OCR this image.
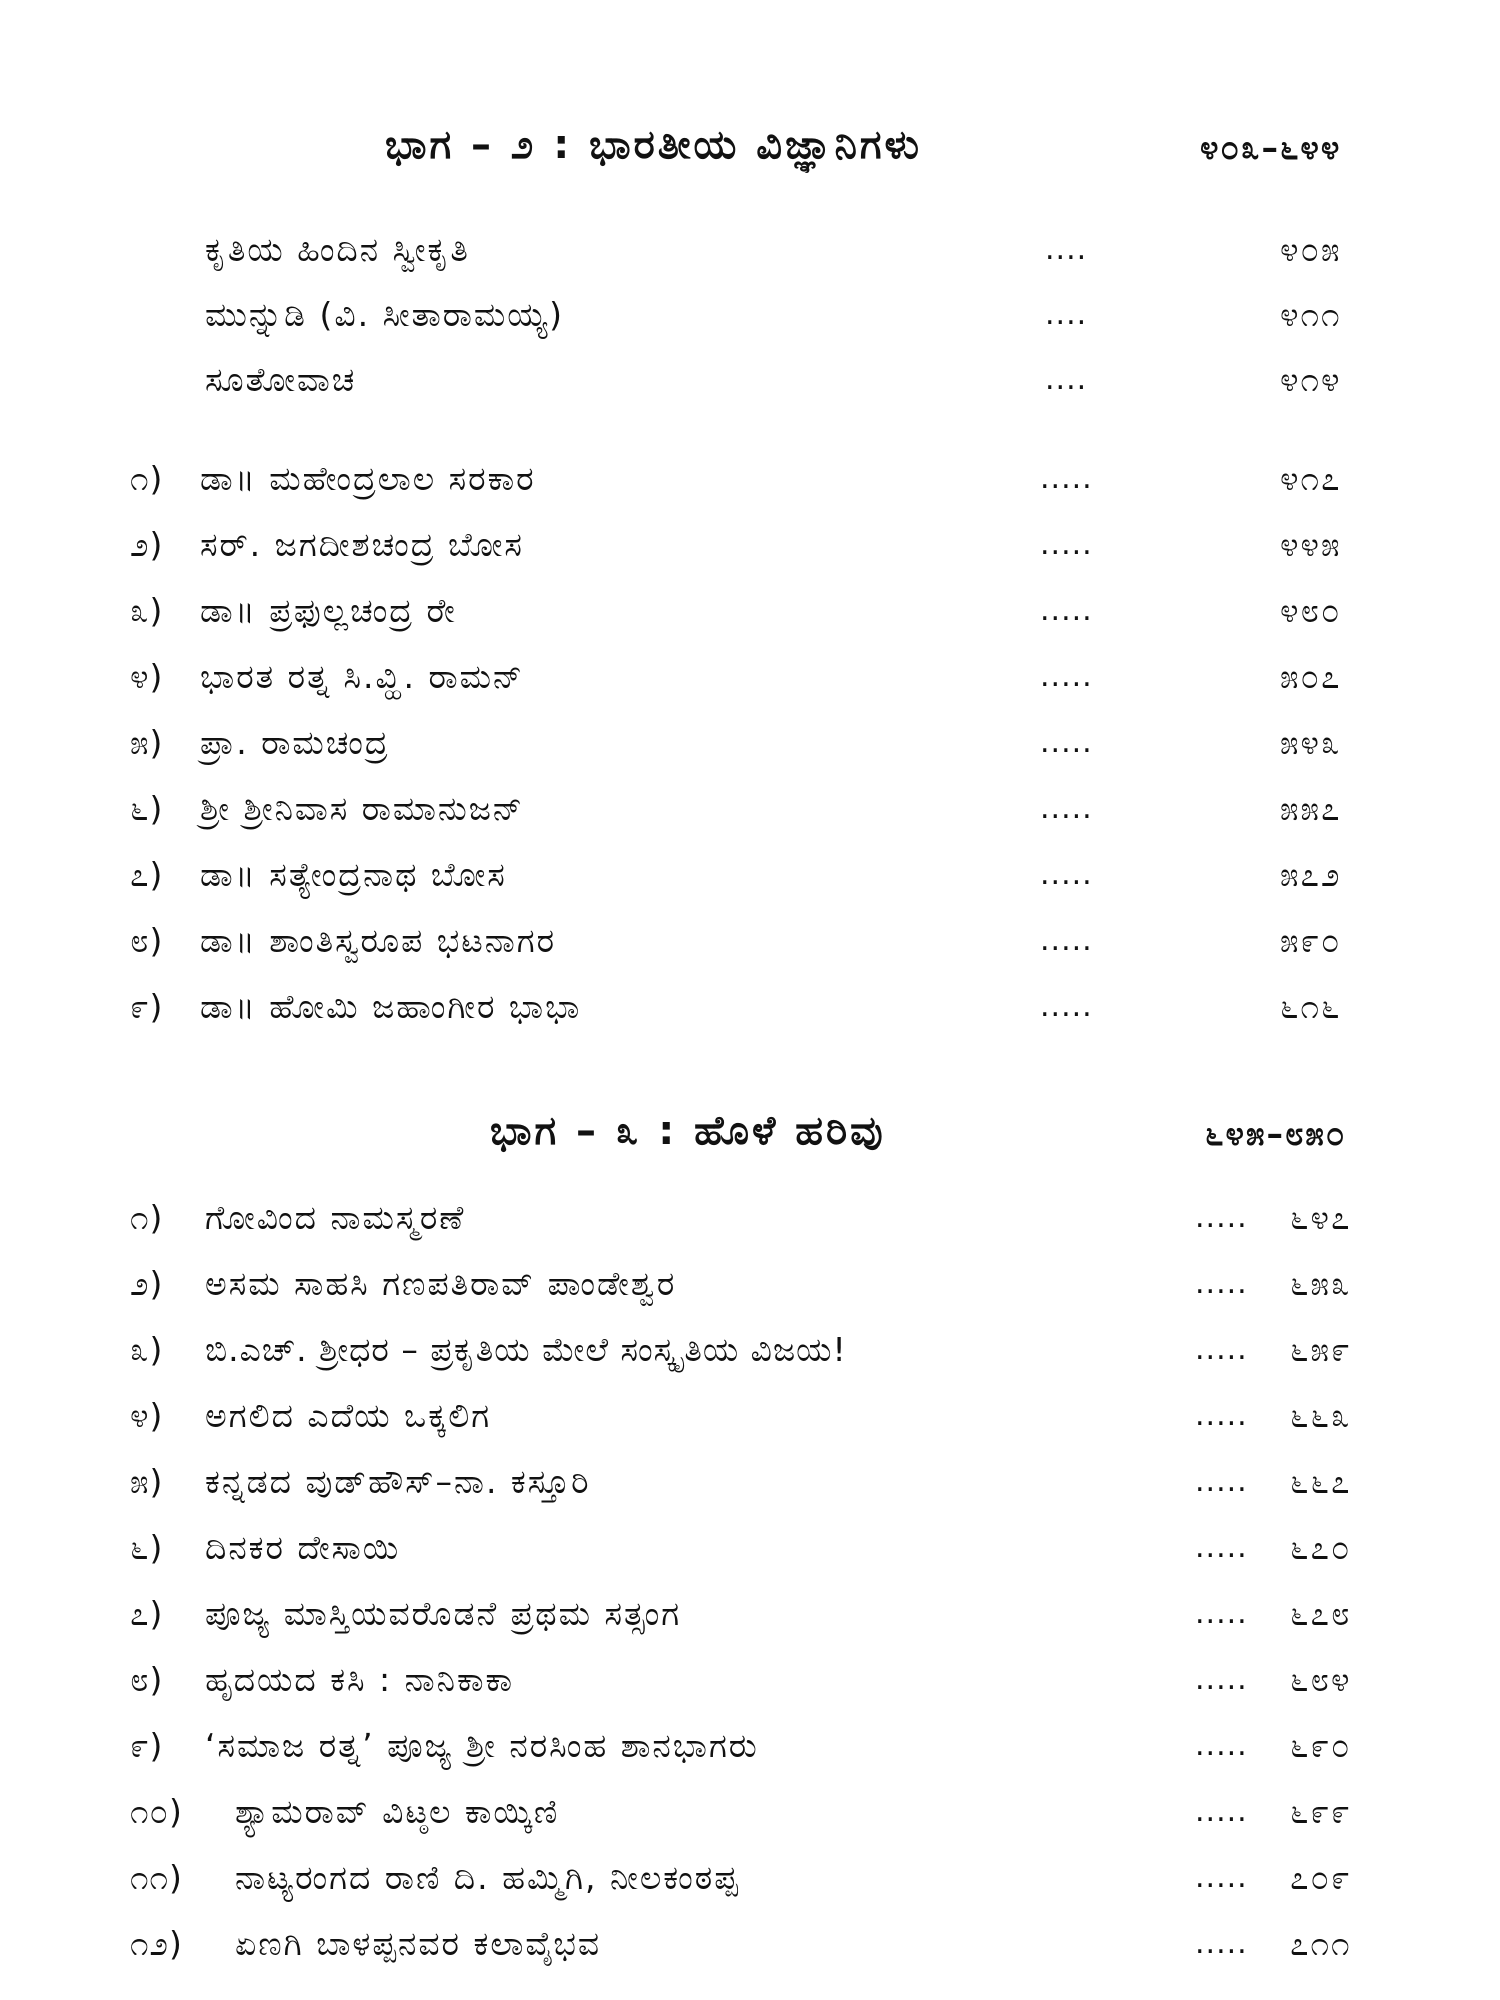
ಭಾಗ – ೨ : ಭಾರತೀಯ ವಿಜ್ಞಾನಿಗಳು	೪೦೩–೬೪೪
ಕೃತಿಯ ಹಿಂದಿನ ಸ್ವೀಕೃತಿ	....	೪೦೫
ಮುನ್ನುಡಿ (ವಿ. ಸೀತಾರಾಮಯ್ಯ)	....	೪೧೧
ಸೂತೋವಾಚ	....	೪೧೪
೧) ಡಾ॥ ಮಹೇಂದ್ರಲಾಲ ಸರಕಾರ	.....	೪೧೭
೨) ಸರ್. ಜಗದೀಶಚಂದ್ರ ಬೋಸ	.....	೪೪೫
೩) ಡಾ॥ ಪ್ರಫುಲ್ಲಚಂದ್ರ ರೇ	.....	೪೮೦
೪) ಭಾರತ ರತ್ನ ಸಿ.ವ್ಹಿ. ರಾಮನ್	.....	೫೦೭
೫) ಪ್ರಾ. ರಾಮಚಂದ್ರ	.....	೫೪೩
೬) ಶ್ರೀ ಶ್ರೀನಿವಾಸ ರಾಮಾನುಜನ್	.....	೫೫೭
೭) ಡಾ॥ ಸತ್ಯೇಂದ್ರನಾಥ ಬೋಸ	.....	೫೭೨
೮) ಡಾ॥ ಶಾಂತಿಸ್ವರೂಪ ಭಟನಾಗರ	.....	೫೯೦
೯) ಡಾ॥ ಹೋಮಿ ಜಹಾಂಗೀರ ಭಾಭಾ	.....	೬೧೬
ಭಾಗ – ೩ : ಹೊಳೆ ಹರಿವು	೬೪೫–೮೫೦
೧) ಗೋವಿಂದ ನಾಮಸ್ಮರಣೆ	..... ೬೪೭
೨) ಅಸಮ ಸಾಹಸಿ ಗಣಪತಿರಾವ್ ಪಾಂಡೇಶ್ವರ	..... ೬೫೩
೩) ಬಿ.ಎಚ್. ಶ್ರೀಧರ – ಪ್ರಕೃತಿಯ ಮೇಲೆ ಸಂಸ್ಕೃತಿಯ ವಿಜಯ!	..... ೬೫೯
೪) ಅಗಲಿದ ಎದೆಯ ಒಕ್ಕಲಿಗ	..... ೬೬೩
೫) ಕನ್ನಡದ ವುಡ್‌ಹೌಸ್–ನಾ. ಕಸ್ತೂರಿ	..... ೬೬೭
೬) ದಿನಕರ ದೇಸಾಯಿ	..... ೬೭೦
೭) ಪೂಜ್ಯ ಮಾಸ್ತಿಯವರೊಡನೆ ಪ್ರಥಮ ಸತ್ಸಂಗ	..... ೬೭೮
೮) ಹೃದಯದ ಕಸಿ : ನಾನಿಕಾಕಾ	..... ೬೮೪
೯) ‘ಸಮಾಜ ರತ್ನ’ ಪೂಜ್ಯ ಶ್ರೀ ನರಸಿಂಹ ಶಾನಭಾಗರು	..... ೬೯೦
೧೦) ಶ್ಯಾಮರಾವ್ ವಿಟ್ಠಲ ಕಾಯ್ಕಿಣಿ	..... ೬೯೯
೧೧) ನಾಟ್ಯರಂಗದ ರಾಣಿ ದಿ. ಹಮ್ಮಿಗಿ, ನೀಲಕಂಠಪ್ಪ	..... ೭೦೯
೧೨) ಏಣಗಿ ಬಾಳಪ್ಪನವರ ಕಲಾವೈಭವ	..... ೭೧೧
